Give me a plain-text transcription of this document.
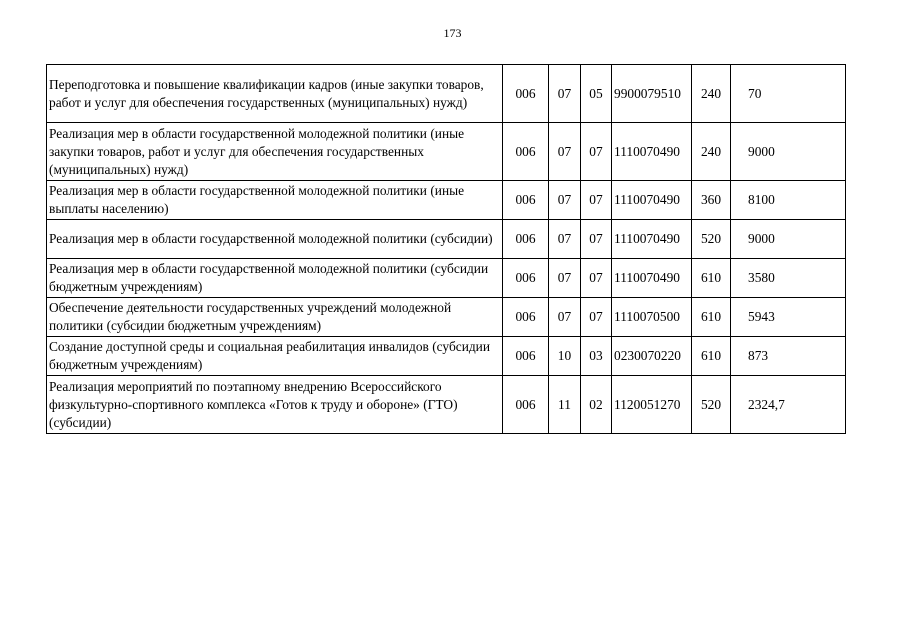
173
Переподготовка и повышение квалификации кадров (иные закупки товаров, работ и услуг для обеспечения государственных (муниципальных) нужд)	006	07	05	9900079510	240	70
Реализация мер в области государственной молодежной политики (иные закупки товаров, работ и услуг для обеспечения государственных (муниципальных) нужд)	006	07	07	1110070490	240	9000
Реализация мер в области государственной молодежной политики (иные выплаты населению)	006	07	07	1110070490	360	8100
Реализация мер в области государственной молодежной политики (субсидии)	006	07	07	1110070490	520	9000
Реализация мер в области государственной молодежной политики (субсидии бюджетным учреждениям)	006	07	07	1110070490	610	3580
Обеспечение деятельности государственных учреждений молодежной политики (субсидии бюджетным учреждениям)	006	07	07	1110070500	610	5943
Создание доступной среды и социальная реабилитация инвалидов (субсидии бюджетным учреждениям)	006	10	03	0230070220	610	873
Реализация мероприятий по поэтапному внедрению Всероссийского физкультурно-спортивного комплекса «Готов к труду и обороне» (ГТО) (субсидии)	006	11	02	1120051270	520	2324,7
